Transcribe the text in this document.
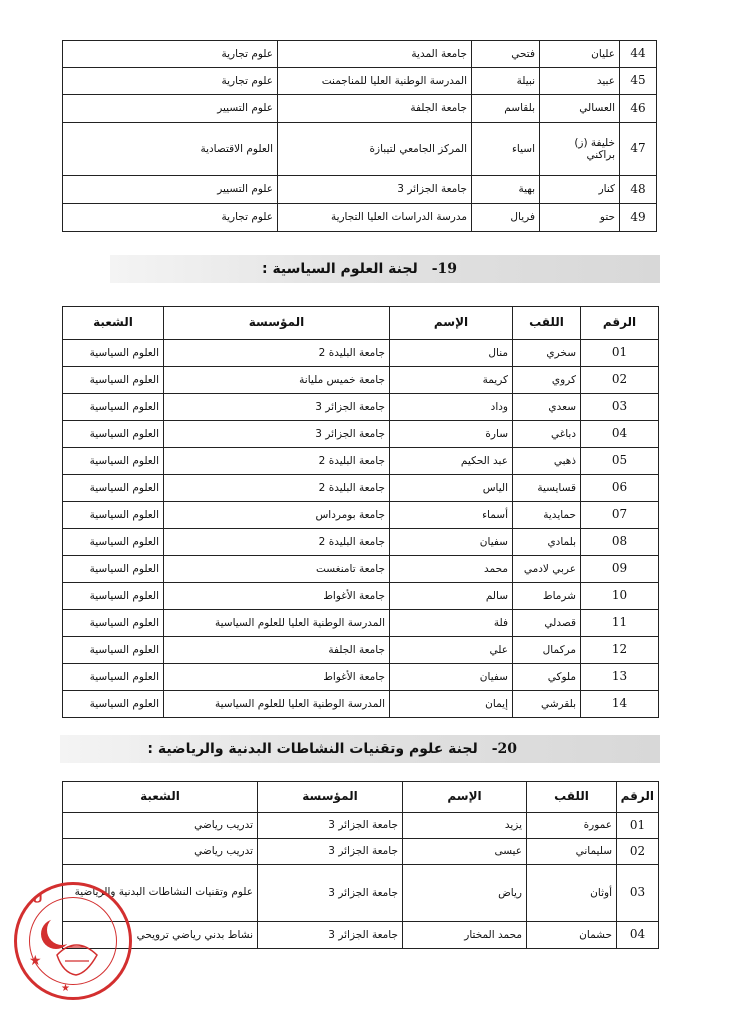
44	عليان	فتحي	جامعة المدية	علوم تجارية
45	عبيد	نبيلة	المدرسة الوطنية العليا للمناجمنت	علوم تجارية
46	العسالي	بلقاسم	جامعة الجلفة	علوم التسيير
47	خليفة (ز) براكني	اسياء	المركز الجامعي لتيبازة	العلوم الاقتصادية
48	كنار	بهية	جامعة الجزائر 3	علوم التسيير
49	حتو	فريال	مدرسة الدراسات العليا التجارية	علوم تجارية
19-لجنة العلوم السياسية :
الرقم	اللقب	الإسم	المؤسسة	الشعبة
01	سخري	منال	جامعة البليدة 2	العلوم السياسية
02	كروي	كريمة	جامعة خميس مليانة	العلوم السياسية
03	سعدي	وداد	جامعة الجزائر 3	العلوم السياسية
04	دباغي	سارة	جامعة الجزائر 3	العلوم السياسية
05	ذهبي	عبد الحكيم	جامعة البليدة 2	العلوم السياسية
06	قسايسية	الياس	جامعة البليدة 2	العلوم السياسية
07	حمايدية	أسماء	جامعة بومرداس	العلوم السياسية
08	بلمادي	سفيان	جامعة البليدة 2	العلوم السياسية
09	عربي لادمي	محمد	جامعة تامنغست	العلوم السياسية
10	شرماط	سالم	جامعة الأغواط	العلوم السياسية
11	قصدلي	فلة	المدرسة الوطنية العليا للعلوم السياسية	العلوم السياسية
12	مركمال	علي	جامعة الجلفة	العلوم السياسية
13	ملوكي	سفيان	جامعة الأغواط	العلوم السياسية
14	بلقرشي	إيمان	المدرسة الوطنية العليا للعلوم السياسية	العلوم السياسية
20-لجنة علوم وتقنيات النشاطات البدنية والرياضية :
الرقم	اللقب	الإسم	المؤسسة	الشعبة
01	عمورة	يزيد	جامعة الجزائر 3	تدريب رياضي
02	سليماني	عيسى	جامعة الجزائر 3	تدريب رياضي
03	أوثان	رياض	جامعة الجزائر 3	علوم وتقنيات النشاطات البدنية والرياضية
04	حشمان	محمد المختار	جامعة الجزائر 3	نشاط بدني رياضي ترويحي
★
★
ل
